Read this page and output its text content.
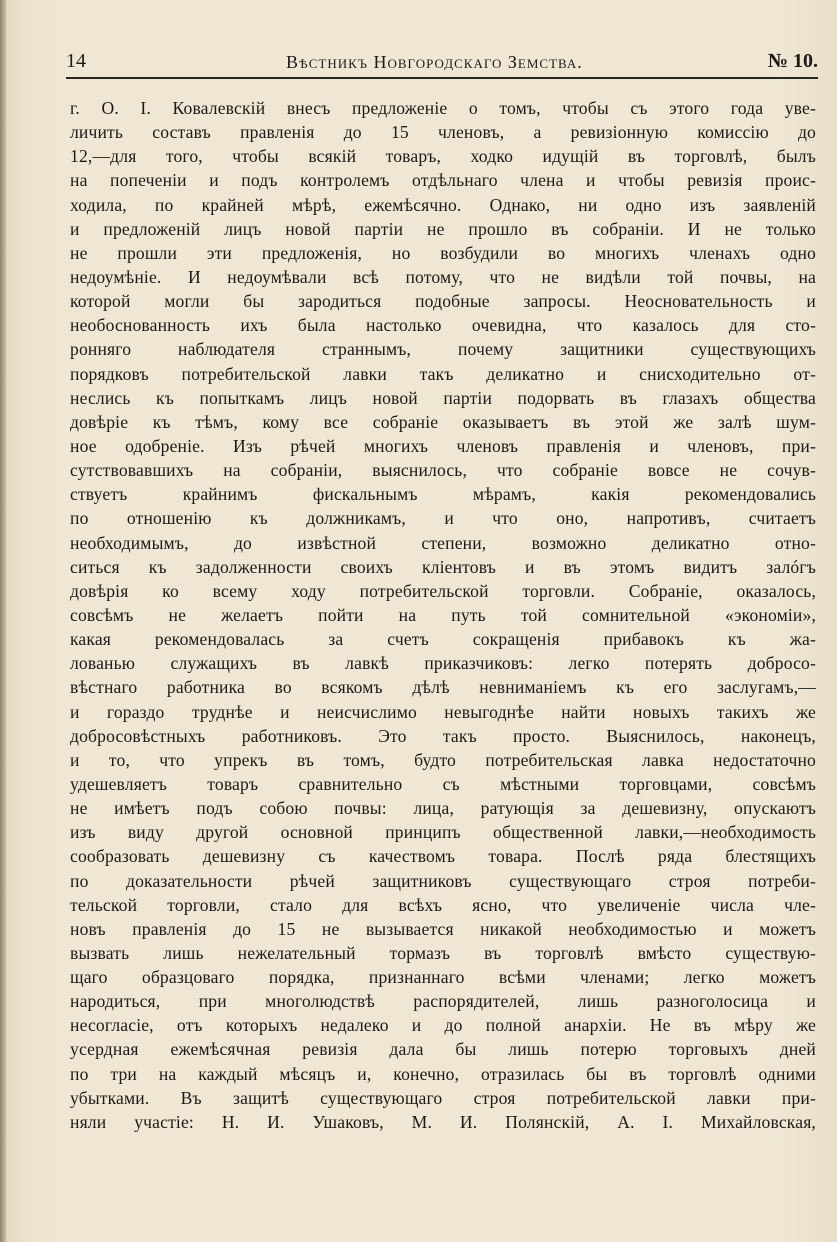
14	Вѣстникъ Новгородскаго Земства.	№ 10.
г. О. I. Ковалевскій внесъ предложеніе о томъ, чтобы съ этого года уве-
личить составъ правленія до 15 членовъ, а ревизіонную комиссію до
12,—для того, чтобы всякій товаръ, ходко идущій въ торговлѣ, былъ
на попеченіи и подъ контролемъ отдѣльнаго члена и чтобы ревизія проис-
ходила, по крайней мѣрѣ, ежемѣсячно. Однако, ни одно изъ заявленій
и предложеній лицъ новой партіи не прошло въ собраніи. И не только
не прошли эти предложенія, но возбудили во многихъ членахъ одно
недоумѣніе. И недоумѣвали всѣ потому, что не видѣли той почвы, на
которой могли бы зародиться подобные запросы. Неосновательность и
необоснованность ихъ была настолько очевидна, что казалось для сто-
ронняго наблюдателя страннымъ, почему защитники существующихъ
порядковъ потребительской лавки такъ деликатно и снисходительно от-
неслись къ попыткамъ лицъ новой партіи подорвать въ глазахъ общества
довѣріе къ тѣмъ, кому все собраніе оказываетъ въ этой же залѣ шум-
ное одобреніе. Изъ рѣчей многихъ членовъ правленія и членовъ, при-
сутствовавшихъ на собраніи, выяснилось, что собраніе вовсе не сочув-
ствуетъ крайнимъ фискальнымъ мѣрамъ, какія рекомендовались
по отношенію къ должникамъ, и что оно, напротивъ, считаетъ
необходимымъ, до извѣстной степени, возможно деликатно отно-
ситься къ задолженности своихъ кліентовъ и въ этомъ видитъ залóгъ
довѣрія ко всему ходу потребительской торговли. Собраніе, оказалось,
совсѣмъ не желаетъ пойти на путь той сомнительной «экономіи»,
какая рекомендовалась за счетъ сокращенія прибавокъ къ жа-
лованью служащихъ въ лавкѣ приказчиковъ: легко потерять добросо-
вѣстнаго работника во всякомъ дѣлѣ невниманіемъ къ его заслугамъ,—
и гораздо труднѣе и неисчислимо невыгоднѣе найти новыхъ такихъ же
добросовѣстныхъ работниковъ. Это такъ просто. Выяснилось, наконецъ,
и то, что упрекъ въ томъ, будто потребительская лавка недостаточно
удешевляетъ товаръ сравнительно съ мѣстными торговцами, совсѣмъ
не имѣетъ подъ собою почвы: лица, ратующія за дешевизну, опускаютъ
изъ виду другой основной принципъ общественной лавки,—необходимость
сообразовать дешевизну съ качествомъ товара. Послѣ ряда блестящихъ
по доказательности рѣчей защитниковъ существующаго строя потреби-
тельской торговли, стало для всѣхъ ясно, что увеличеніе числа чле-
новъ правленія до 15 не вызывается никакой необходимостью и можетъ
вызвать лишь нежелательный тормазъ въ торговлѣ вмѣсто существую-
щаго образцоваго порядка, признаннаго всѣми членами; легко можетъ
народиться, при многолюдствѣ распорядителей, лишь разноголосица и
несогласіе, отъ которыхъ недалеко и до полной анархіи. Не въ мѣру же
усердная ежемѣсячная ревизія дала бы лишь потерю торговыхъ дней
по три на каждый мѣсяцъ и, конечно, отразилась бы въ торговлѣ одними
убытками. Въ защитѣ существующаго строя потребительской лавки при-
няли участіе: Н. И. Ушаковъ, М. И. Полянскій, А. I. Михайловская,
